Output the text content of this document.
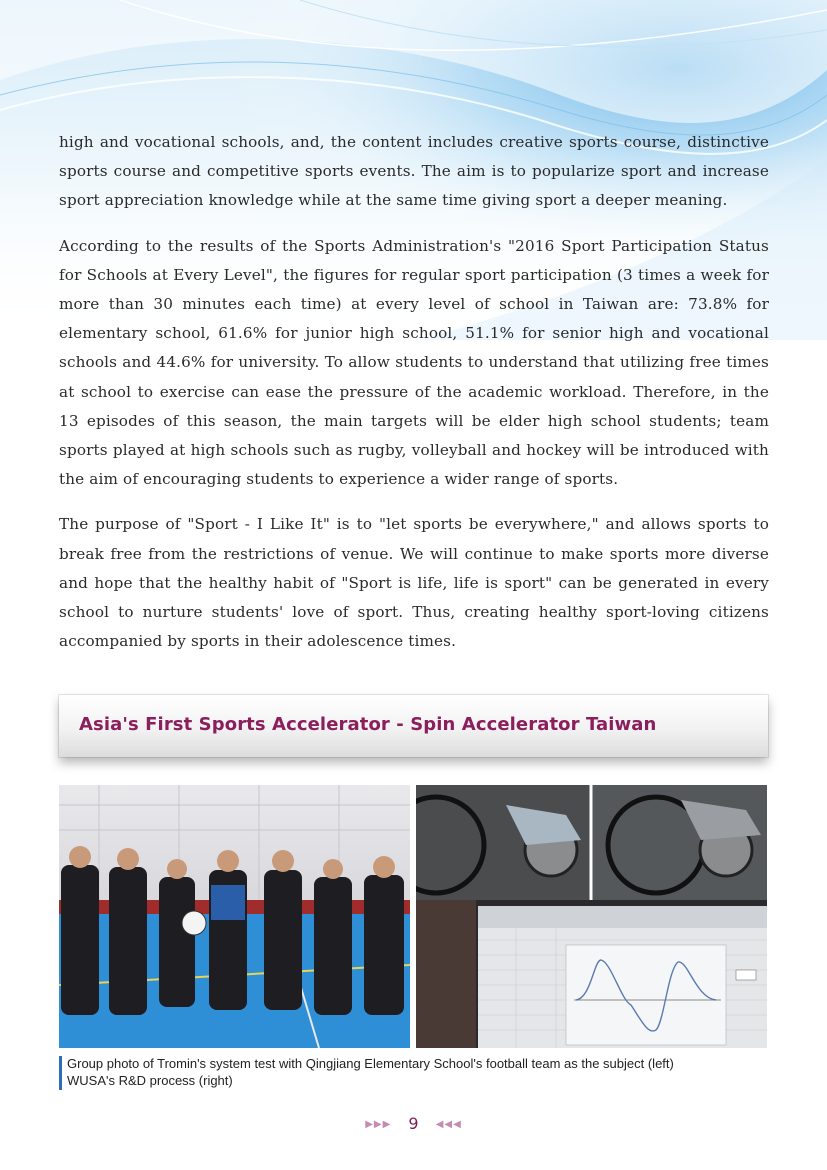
high and vocational schools, and, the content includes creative sports course, distinctive sports course and competitive sports events. The aim is to popularize sport and increase sport appreciation knowledge while at the same time giving sport a deeper meaning.

According to the results of the Sports Administration's "2016 Sport Participation Status for Schools at Every Level", the figures for regular sport participation (3 times a week for more than 30 minutes each time) at every level of school in Taiwan are: 73.8% for elementary school, 61.6% for junior high school, 51.1% for senior high and vocational schools and 44.6% for university. To allow students to understand that utilizing free times at school to exercise can ease the pressure of the academic workload. Therefore, in the 13 episodes of this season, the main targets will be elder high school students; team sports played at high schools such as rugby, volleyball and hockey will be introduced with the aim of encouraging students to experience a wider range of sports.

The purpose of "Sport - I Like It" is to "let sports be everywhere," and allows sports to break free from the restrictions of venue. We will continue to make sports more diverse and hope that the healthy habit of "Sport is life, life is sport" can be generated in every school to nurture students' love of sport. Thus, creating healthy sport-loving citizens accompanied by sports in their adolescence times.

Asia's First Sports Accelerator - Spin Accelerator Taiwan
Group photo of Tromin's system test with Qingjiang Elementary School's football team as the subject (left)
WUSA's R&D process (right)
▶▶▶ 9 ◀◀◀
